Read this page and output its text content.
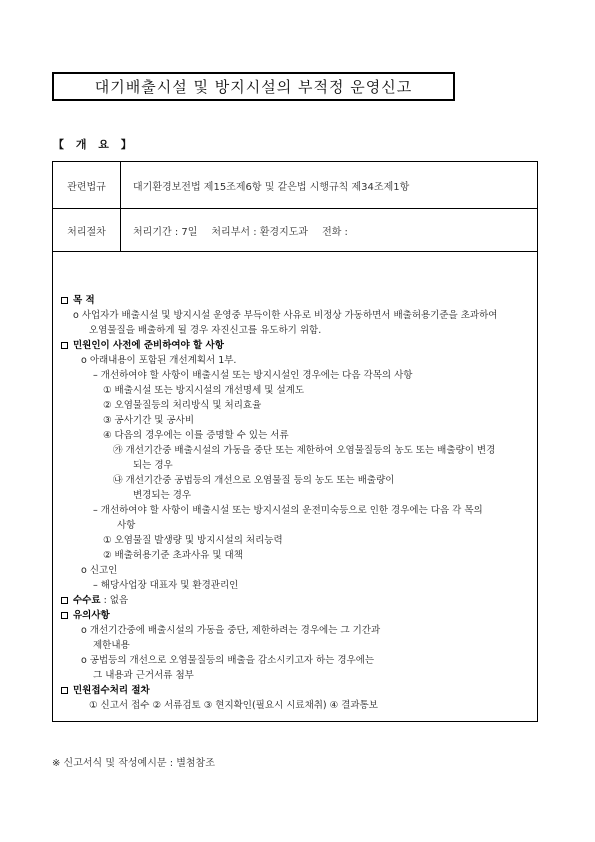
대기배출시설 및 방지시설의 부적정 운영신고
【 개 요 】
관련법규	대기환경보전법 제15조제6항 및 같은법 시행규칙 제34조제1항
처리절차	처리기간 : 7일 처리부서 : 환경지도과 전화 :
목 적
o 사업자가 배출시설 및 방지시설 운영중 부득이한 사유로 비정상 가동하면서 배출허용기준을 초과하여
오염물질을 배출하게 될 경우 자진신고를 유도하기 위함.
민원인이 사전에 준비하여야 할 사항
o 아래내용이 포함된 개선계획서 1부.
– 개선하여야 할 사항이 배출시설 또는 방지시설인 경우에는 다음 각목의 사항
① 배출시설 또는 방지시설의 개선명세 및 설계도
② 오염물질등의 처리방식 및 처리효율
③ 공사기간 및 공사비
④ 다음의 경우에는 이를 증명할 수 있는 서류
㉮ 개선기간중 배출시설의 가동을 중단 또는 제한하여 오염물질등의 농도 또는 배출량이 변경
되는 경우
㉯ 개선기간중 공법등의 개선으로 오염물질 등의 농도 또는 배출량이
변경되는 경우
– 개선하여야 할 사항이 배출시설 또는 방지시설의 운전미숙등으로 인한 경우에는 다음 각 목의
사항
① 오염물질 발생량 및 방지시설의 처리능력
② 배출허용기준 초과사유 및 대책
o 신고인
– 해당사업장 대표자 및 환경관리인
수수료 : 없음
유의사항
o 개선기간중에 배출시설의 가동을 중단, 제한하려는 경우에는 그 기간과
제한내용
o 공법등의 개선으로 오염물질등의 배출을 감소시키고자 하는 경우에는
그 내용과 근거서류 첨부
민원접수처리 절차
① 신고서 접수 ② 서류검토 ③ 현지확인(필요시 시료채취) ④ 결과통보
※ 신고서식 및 작성예시문 : 별첨참조
